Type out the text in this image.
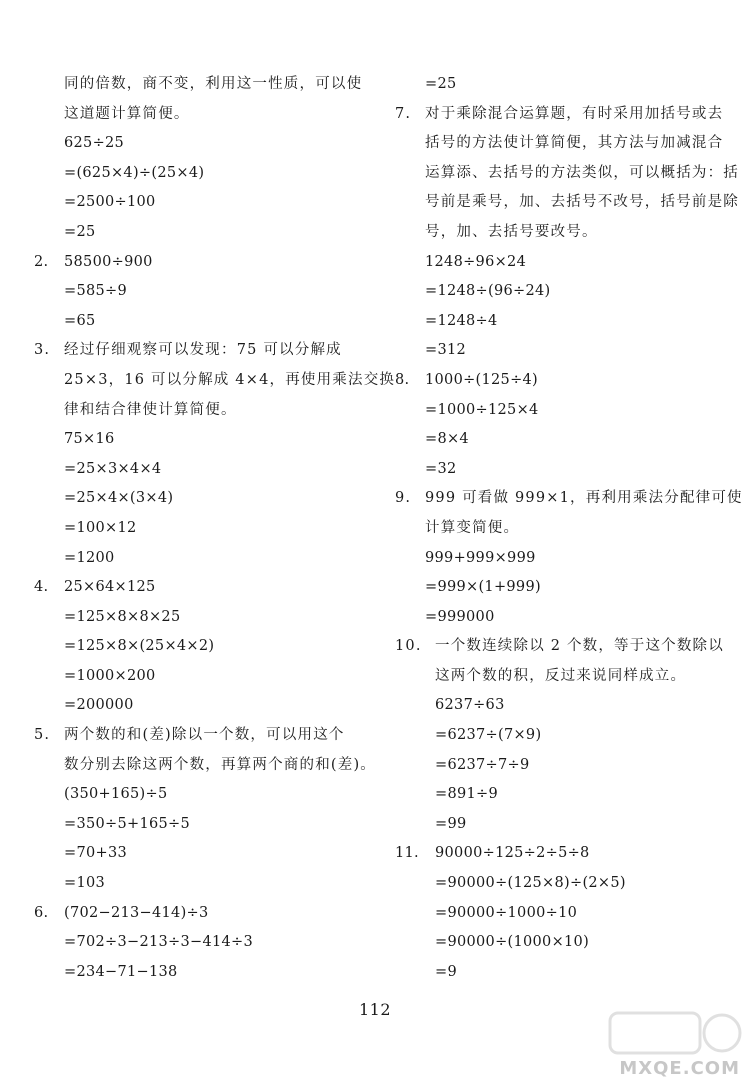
同的倍数，商不变，利用这一性质，可以使
这道题计算简便。
625÷25
=(625×4)÷(25×4)
=2500÷100
=25
2. 58500÷900
=585÷9
=65
3. 经过仔细观察可以发现：75 可以分解成
25×3，16 可以分解成 4×4，再使用乘法交换
律和结合律使计算简便。
75×16
=25×3×4×4
=25×4×(3×4)
=100×12
=1200
4. 25×64×125
=125×8×8×25
=125×8×(25×4×2)
=1000×200
=200000
5. 两个数的和(差)除以一个数，可以用这个
数分别去除这两个数，再算两个商的和(差)。
(350+165)÷5
=350÷5+165÷5
=70+33
=103
6. (702−213−414)÷3
=702÷3−213÷3−414÷3
=234−71−138
=25
7. 对于乘除混合运算题，有时采用加括号或去
括号的方法使计算简便，其方法与加减混合
运算添、去括号的方法类似，可以概括为：括
号前是乘号，加、去括号不改号，括号前是除
号，加、去括号要改号。
1248÷96×24
=1248÷(96÷24)
=1248÷4
=312
8. 1000÷(125÷4)
=1000÷125×4
=8×4
=32
9. 999 可看做 999×1，再利用乘法分配律可使
计算变简便。
999+999×999
=999×(1+999)
=999000
10. 一个数连续除以 2 个数，等于这个数除以
这两个数的积，反过来说同样成立。
6237÷63
=6237÷(7×9)
=6237÷7÷9
=891÷9
=99
11. 90000÷125÷2÷5÷8
=90000÷(125×8)÷(2×5)
=90000÷1000÷10
=90000÷(1000×10)
=9
112
MXQE.COM
